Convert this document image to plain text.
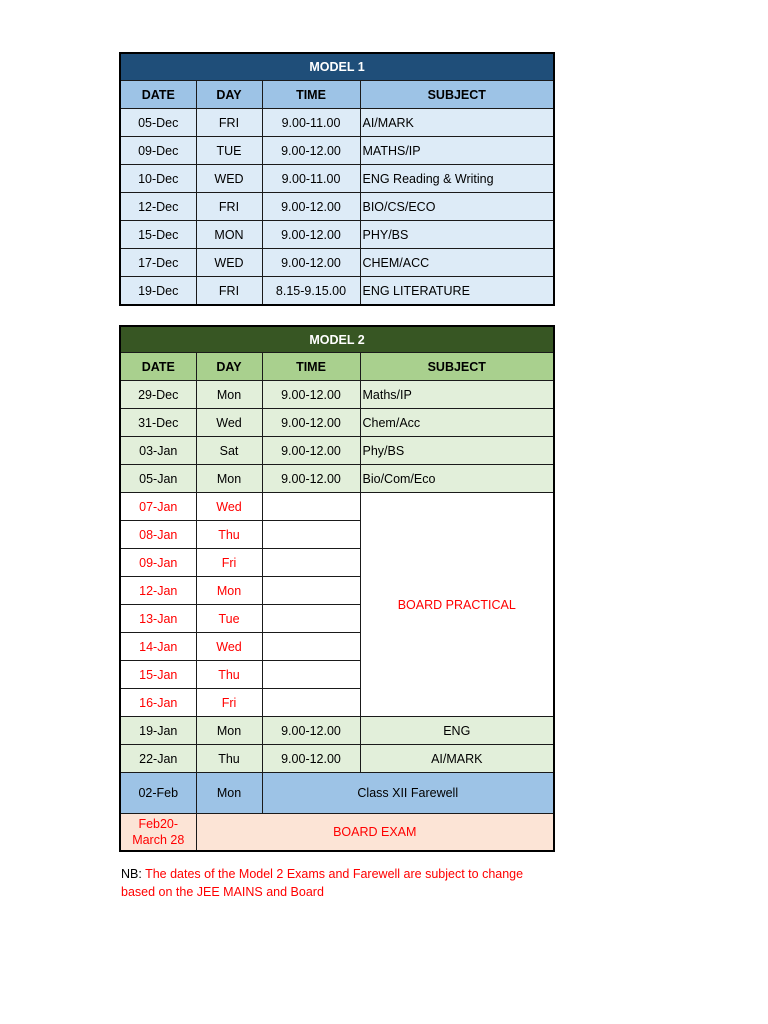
MODEL 1			
DATE	DAY	TIME	SUBJECT
05-Dec	FRI	9.00-11.00	AI/MARK
09-Dec	TUE	9.00-12.00	MATHS/IP
10-Dec	WED	9.00-11.00	ENG Reading & Writing
12-Dec	FRI	9.00-12.00	BIO/CS/ECO
15-Dec	MON	9.00-12.00	PHY/BS
17-Dec	WED	9.00-12.00	CHEM/ACC
19-Dec	FRI	8.15-9.15.00	ENG LITERATURE
MODEL 2			
DATE	DAY	TIME	SUBJECT
29-Dec	Mon	9.00-12.00	Maths/IP
31-Dec	Wed	9.00-12.00	Chem/Acc
03-Jan	Sat	9.00-12.00	Phy/BS
05-Jan	Mon	9.00-12.00	Bio/Com/Eco
07-Jan	Wed		BOARD PRACTICAL
08-Jan	Thu		
09-Jan	Fri		
12-Jan	Mon		
13-Jan	Tue		
14-Jan	Wed		
15-Jan	Thu		
16-Jan	Fri		
19-Jan	Mon	9.00-12.00	ENG
22-Jan	Thu	9.00-12.00	AI/MARK
02-Feb	Mon	Class XII Farewell	

Feb20-
March 28	BOARD EXAM		
NB: The dates of the Model 2 Exams and Farewell are subject to change based on the JEE MAINS and Board
